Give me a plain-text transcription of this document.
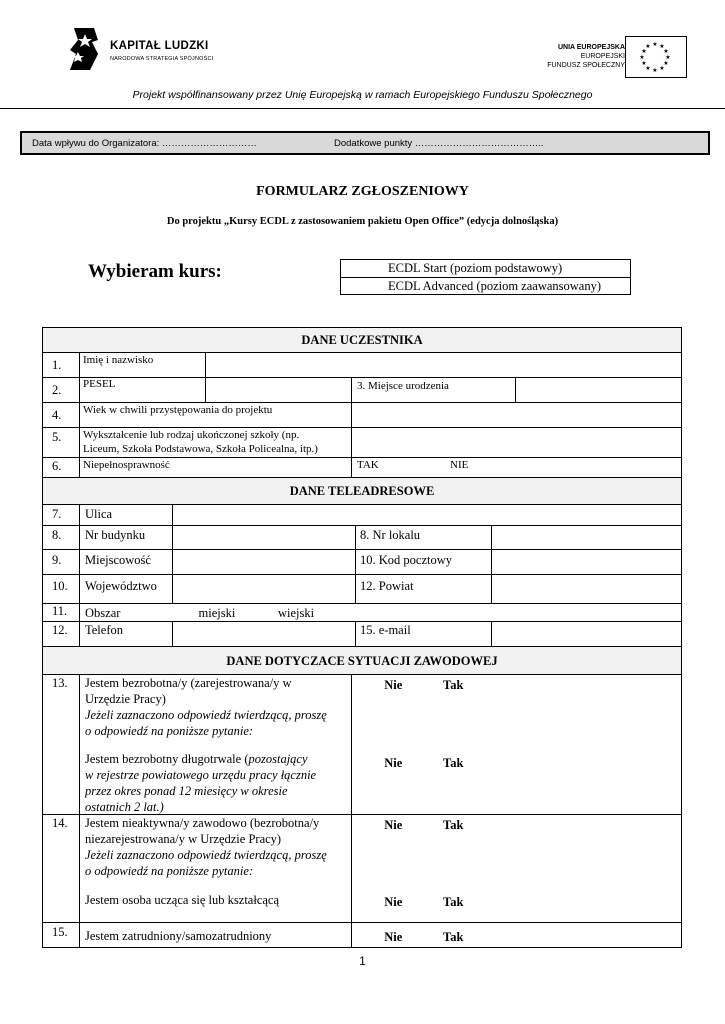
KAPITAŁ LUDZKI
NARODOWA STRATEGIA SPÓJNOŚCI
UNIA EUROPEJSKA
EUROPEJSKI
FUNDUSZ SPOŁECZNY
★ ★
★
★
★
★
★
★
★
★
★
★
Projekt współfinansowany przez Unię Europejską w ramach Europejskiego Funduszu Społecznego
Data wpływu do Organizatora: …………………………	Dodatkowe punkty …………………………………..
FORMULARZ ZGŁOSZENIOWY
Do projektu „Kursy ECDL z zastosowaniem pakietu Open Office” (edycja dolnośląska)
Wybieram kurs:	ECDL Start (poziom podstawowy)
ECDL Advanced (poziom zaawansowany)
DANE UCZESTNIKA
1. Imię i nazwisko
2. PESEL	3. Miejsce urodzenia
4. Wiek w chwili przystępowania do projektu
5. Wykształcenie lub rodzaj ukończonej szkoły (np.
Liceum, Szkoła Podstawowa, Szkoła Policealna, itp.)
6. Niepełnosprawność	TAK	NIE
DANE TELEADRESOWE
7. Ulica
8. Nr budynku	8. Nr lokalu
9. Miejscowość	10. Kod pocztowy
10. Województwo	12. Powiat
11. Obszar	miejski	wiejski
12. Telefon	15. e-mail
DANE DOTYCZACE SYTUACJI ZAWODOWEJ
13. Jestem bezrobotna/y (zarejestrowana/y w
Urzędzie Pracy)
Jeżeli zaznaczono odpowiedź twierdzącą, proszę
o odpowiedź na poniższe pytanie:
Jestem bezrobotny długotrwale (pozostający
w rejestrze powiatowego urzędu pracy łącznie
przez okres ponad 12 miesięcy w okresie
ostatnich 2 lat.)
Nie	Tak
Nie	Tak
14. Jestem nieaktywna/y zawodowo (bezrobotna/y
niezarejestrowana/y w Urzędzie Pracy)
Jeżeli zaznaczono odpowiedź twierdzącą, proszę
o odpowiedź na poniższe pytanie:
Jestem osoba ucząca się lub kształcącą
Nie	Tak
Nie	Tak
15. Jestem zatrudniony/samozatrudniony	Nie	Tak
1
